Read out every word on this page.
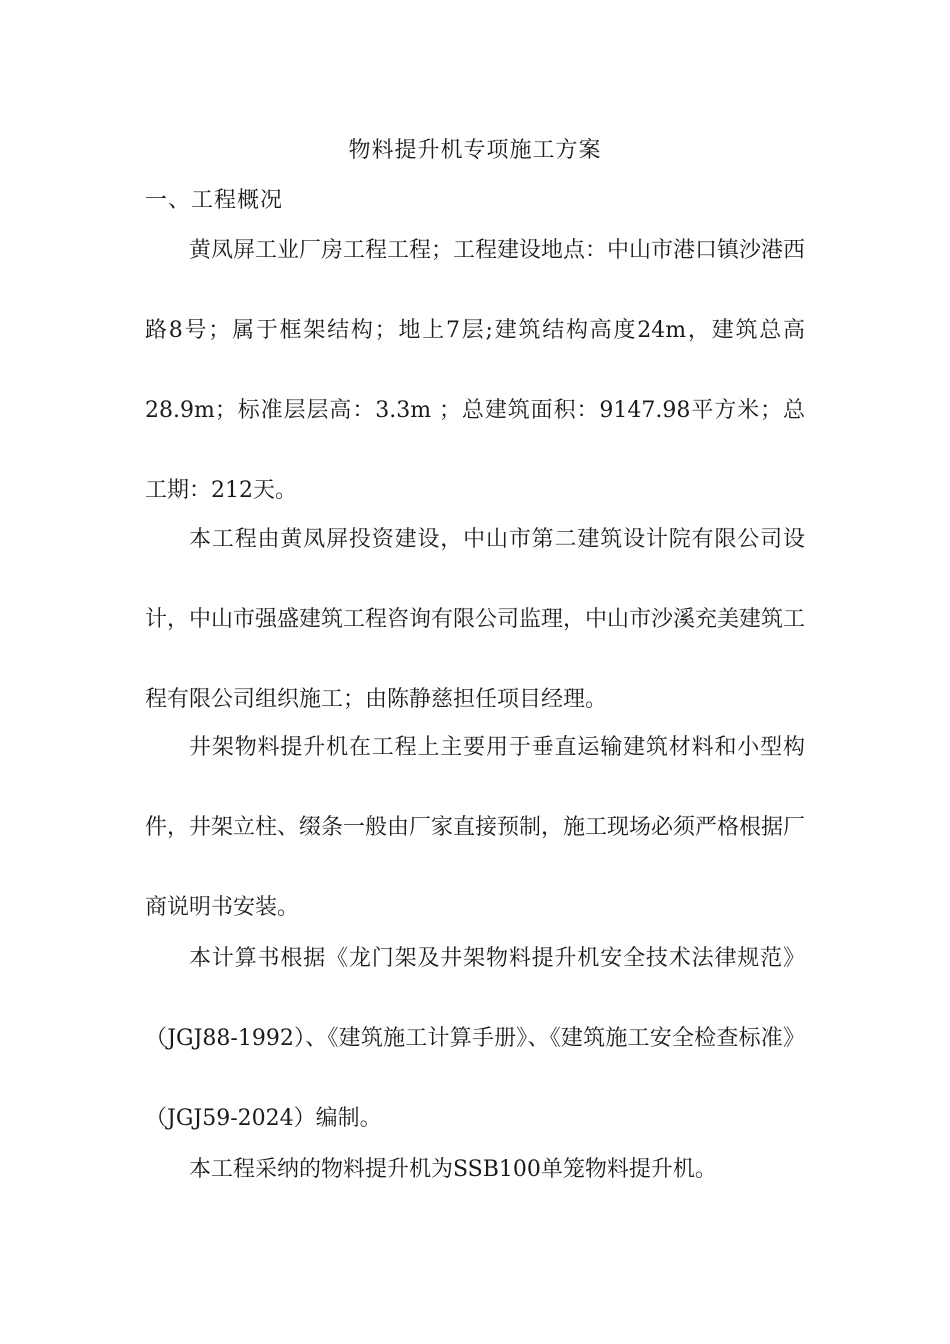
物料提升机专项施工方案
一、工程概况

黄凤屏工业厂房工程工程；工程建设地点：中山市港口镇沙港西路8号；属于框架结构；地上7层;建筑结构高度24m，建筑总高28.9m；标准层层高：3.3m ；总建筑面积：9147.98平方米；总工期：212天。

本工程由黄凤屏投资建设，中山市第二建筑设计院有限公司设计，中山市强盛建筑工程咨询有限公司监理，中山市沙溪充美建筑工程有限公司组织施工；由陈静慈担任项目经理。

井架物料提升机在工程上主要用于垂直运输建筑材料和小型构件，井架立柱、缀条一般由厂家直接预制，施工现场必须严格根据厂商说明书安装。

本计算书根据《龙门架及井架物料提升机安全技术法律规范》（JGJ88-1992）、《建筑施工计算手册》、《建筑施工安全检查标准》（JGJ59-2024）编制。

本工程采纳的物料提升机为SSB100单笼物料提升机。
